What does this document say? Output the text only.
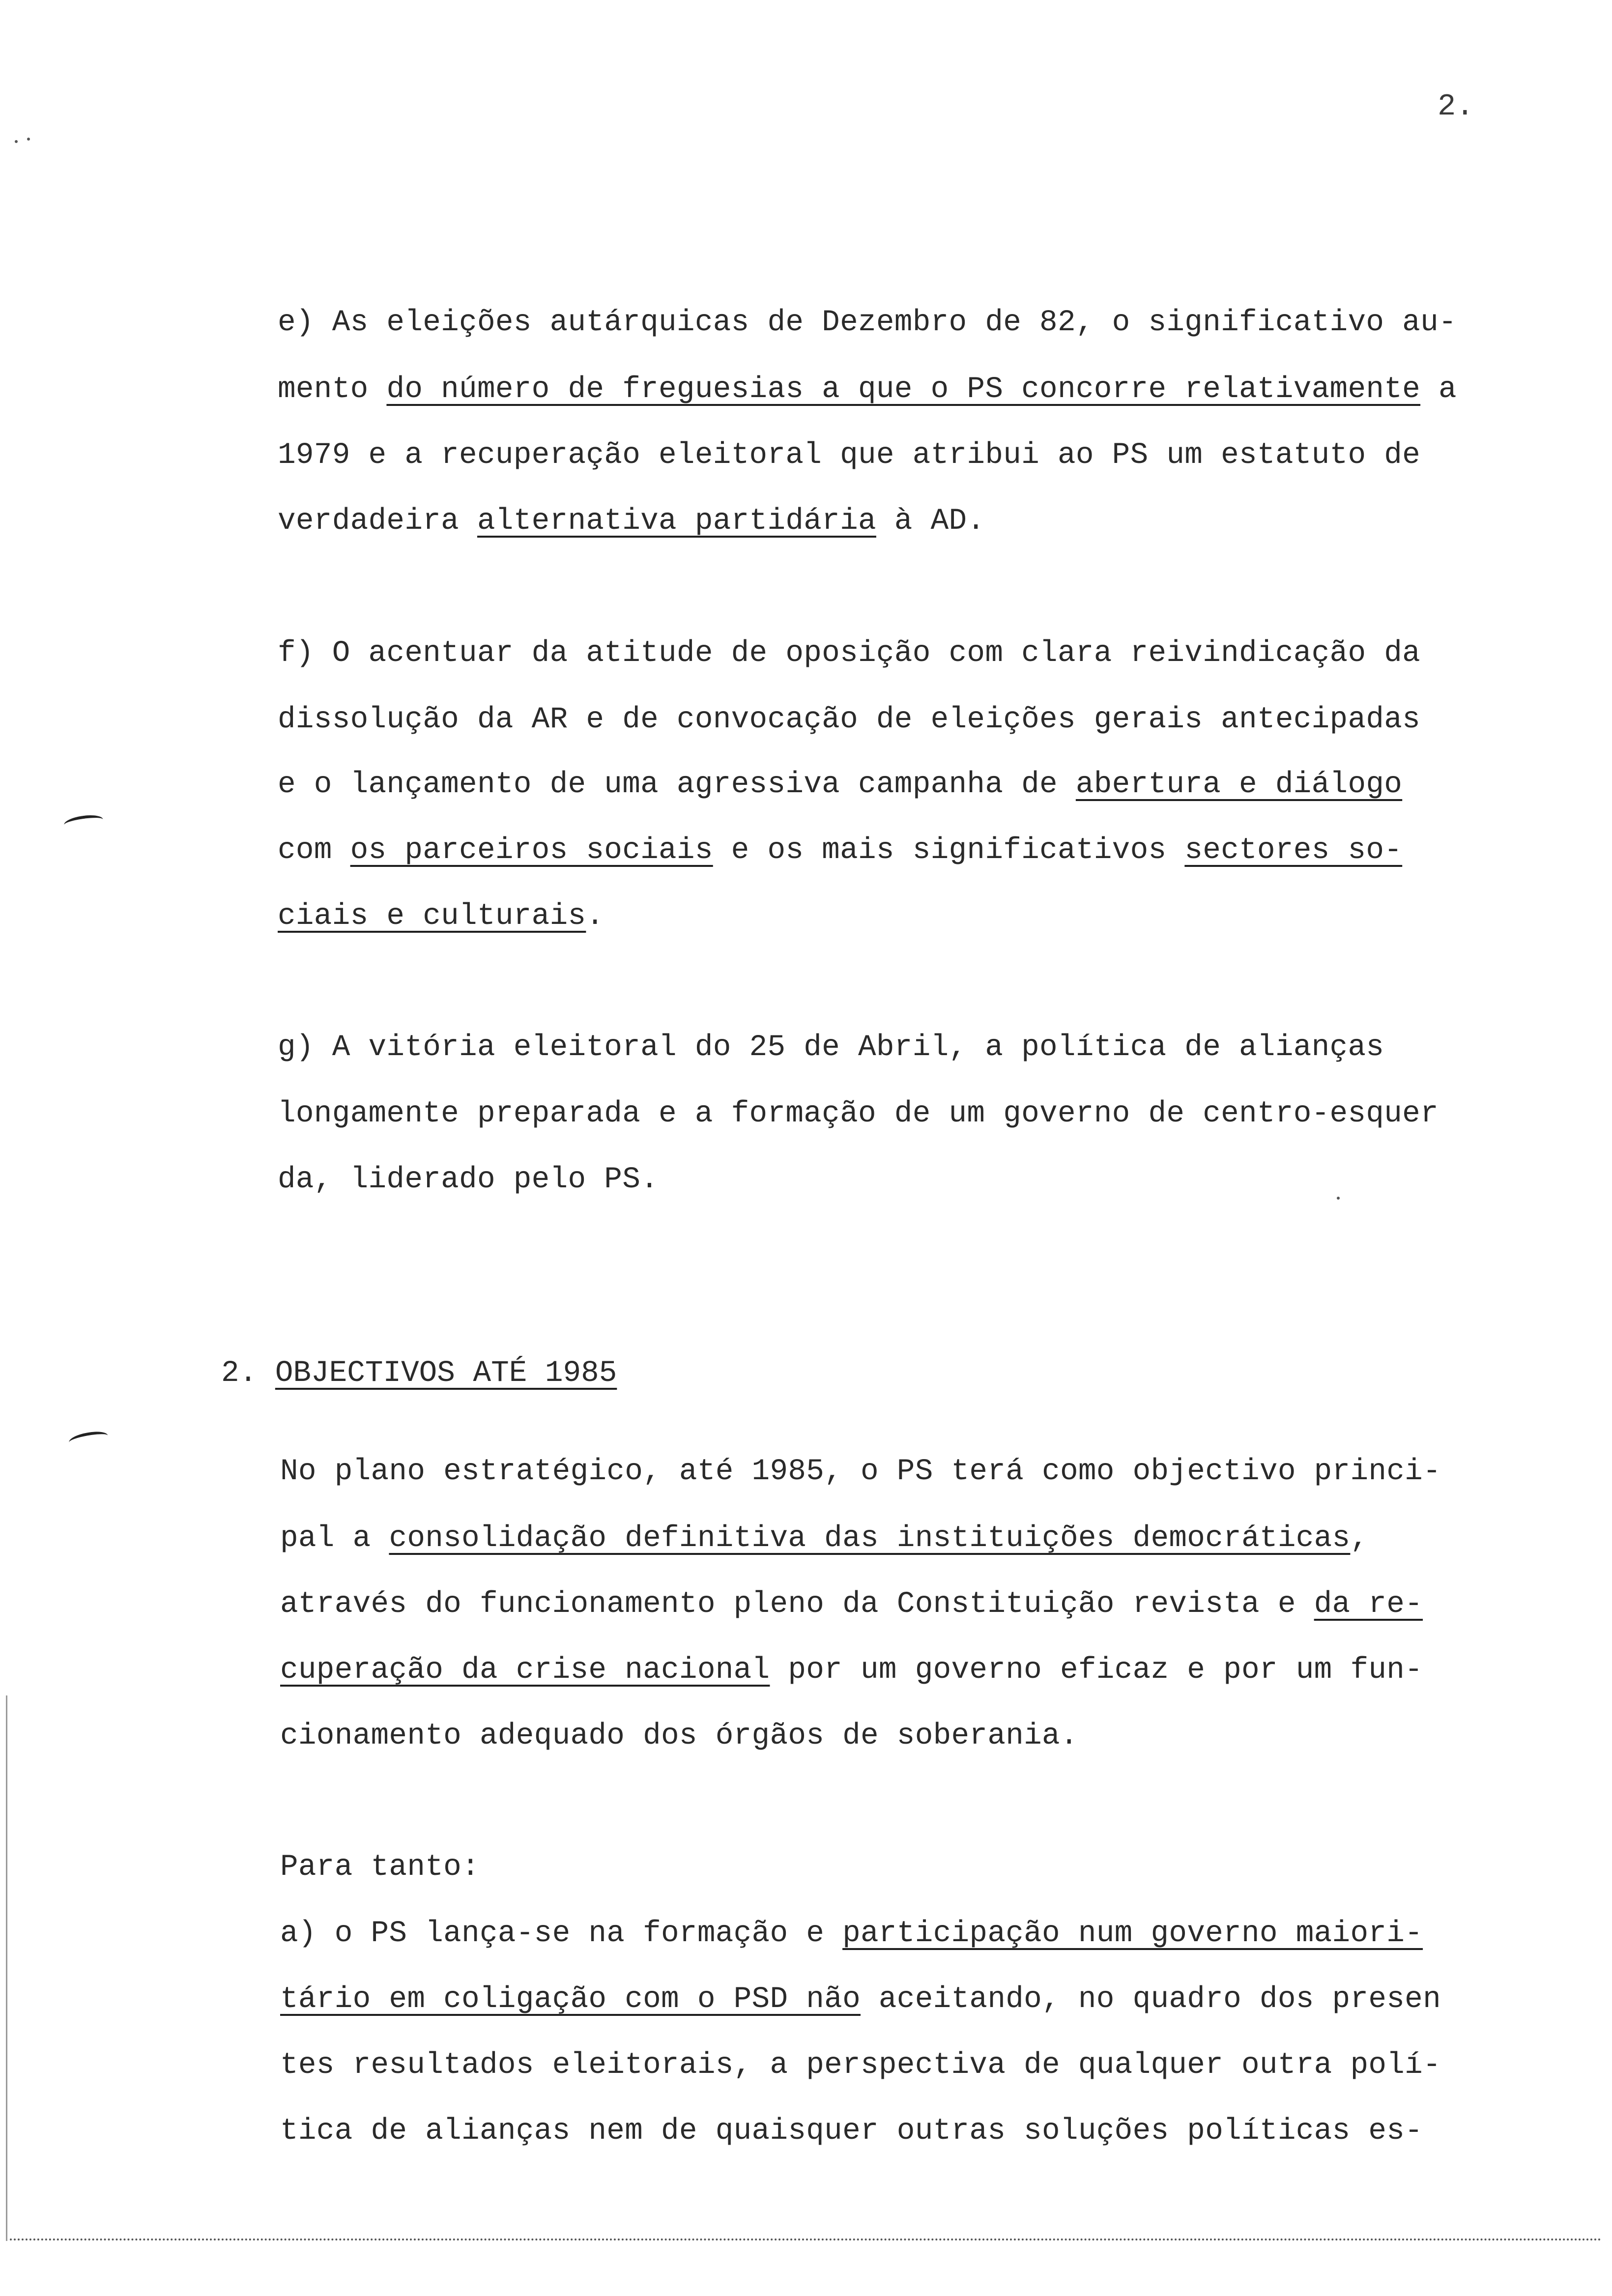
2.
e) As eleições autárquicas de Dezembro de 82, o significativo au-
mento do número de freguesias a que o PS concorre relativamente a
1979 e a recuperação eleitoral que atribui ao PS um estatuto de
verdadeira alternativa partidária à AD.
f) O acentuar da atitude de oposição com clara reivindicação da
dissolução da AR e de convocação de eleições gerais antecipadas
e o lançamento de uma agressiva campanha de abertura e diálogo
com os parceiros sociais e os mais significativos sectores so-
ciais e culturais.
g) A vitória eleitoral do 25 de Abril, a política de alianças
longamente preparada e a formação de um governo de centro-esquer
da, liderado pelo PS.
2. OBJECTIVOS ATÉ 1985
No plano estratégico, até 1985, o PS terá como objectivo princi-
pal a consolidação definitiva das instituições democráticas,
através do funcionamento pleno da Constituição revista e da re-
cuperação da crise nacional por um governo eficaz e por um fun-
cionamento adequado dos órgãos de soberania.
Para tanto:
a) o PS lança-se na formação e participação num governo maiori-
tário em coligação com o PSD não aceitando, no quadro dos presen
tes resultados eleitorais, a perspectiva de qualquer outra polí-
tica de alianças nem de quaisquer outras soluções políticas es-
